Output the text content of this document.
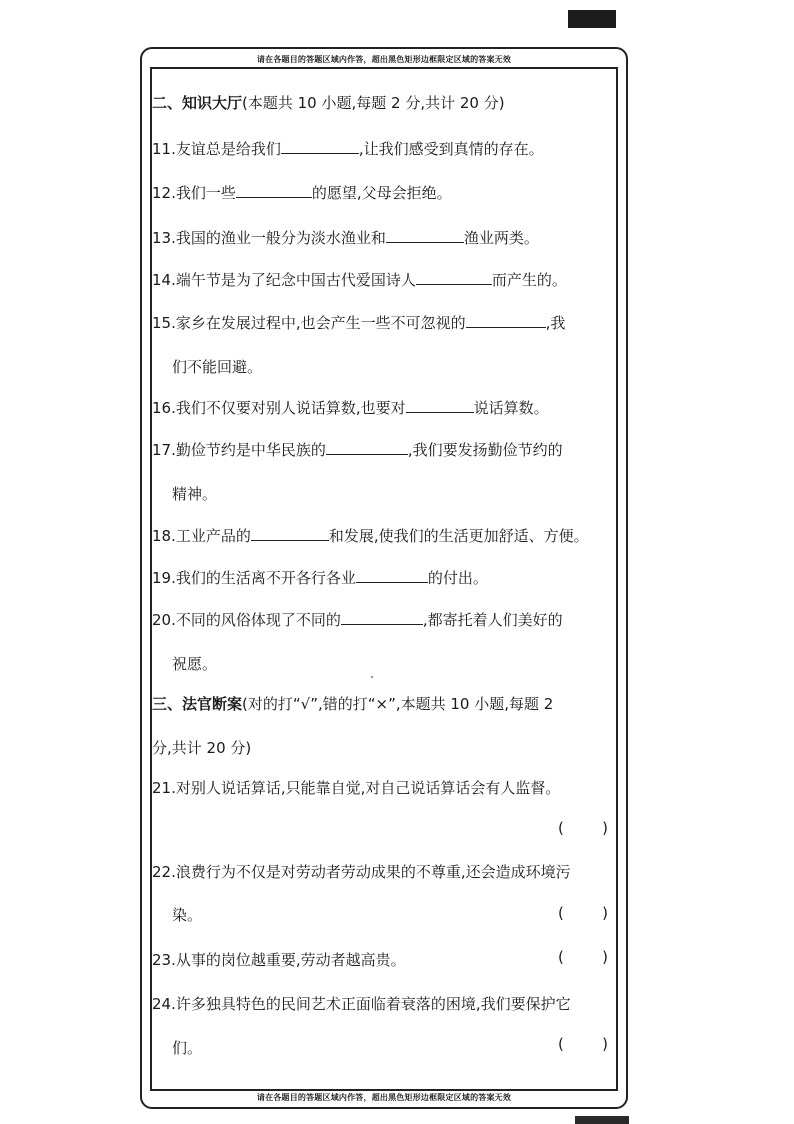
请在各题目的答题区域内作答，超出黑色矩形边框限定区域的答案无效
请在各题目的答题区域内作答，超出黑色矩形边框限定区域的答案无效
二、知识大厅(本题共 10 小题,每题 2 分,共计 20 分)
11.友谊总是给我们	,让我们感受到真情的存在。
12.我们一些	的愿望,父母会拒绝。
13.我国的渔业一般分为淡水渔业和	渔业两类。
14.端午节是为了纪念中国古代爱国诗人	而产生的。
15.家乡在发展过程中,也会产生一些不可忽视的	,我
们不能回避。
16.我们不仅要对别人说话算数,也要对	说话算数。
17.勤俭节约是中华民族的	,我们要发扬勤俭节约的
精神。
18.工业产品的	和发展,使我们的生活更加舒适、方便。
19.我们的生活离不开各行各业	的付出。
20.不同的风俗体现了不同的	,都寄托着人们美好的
祝愿。
三、法官断案(对的打“√”,错的打“×”,本题共 10 小题,每题 2
分,共计 20 分)
21.对别人说话算话,只能靠自觉,对自己说话算话会有人监督。
(	)
22.浪费行为不仅是对劳动者劳动成果的不尊重,还会造成环境污
染。	(	)
23.从事的岗位越重要,劳动者越高贵。	(	)
24.许多独具特色的民间艺术正面临着衰落的困境,我们要保护它
们。	(	)
